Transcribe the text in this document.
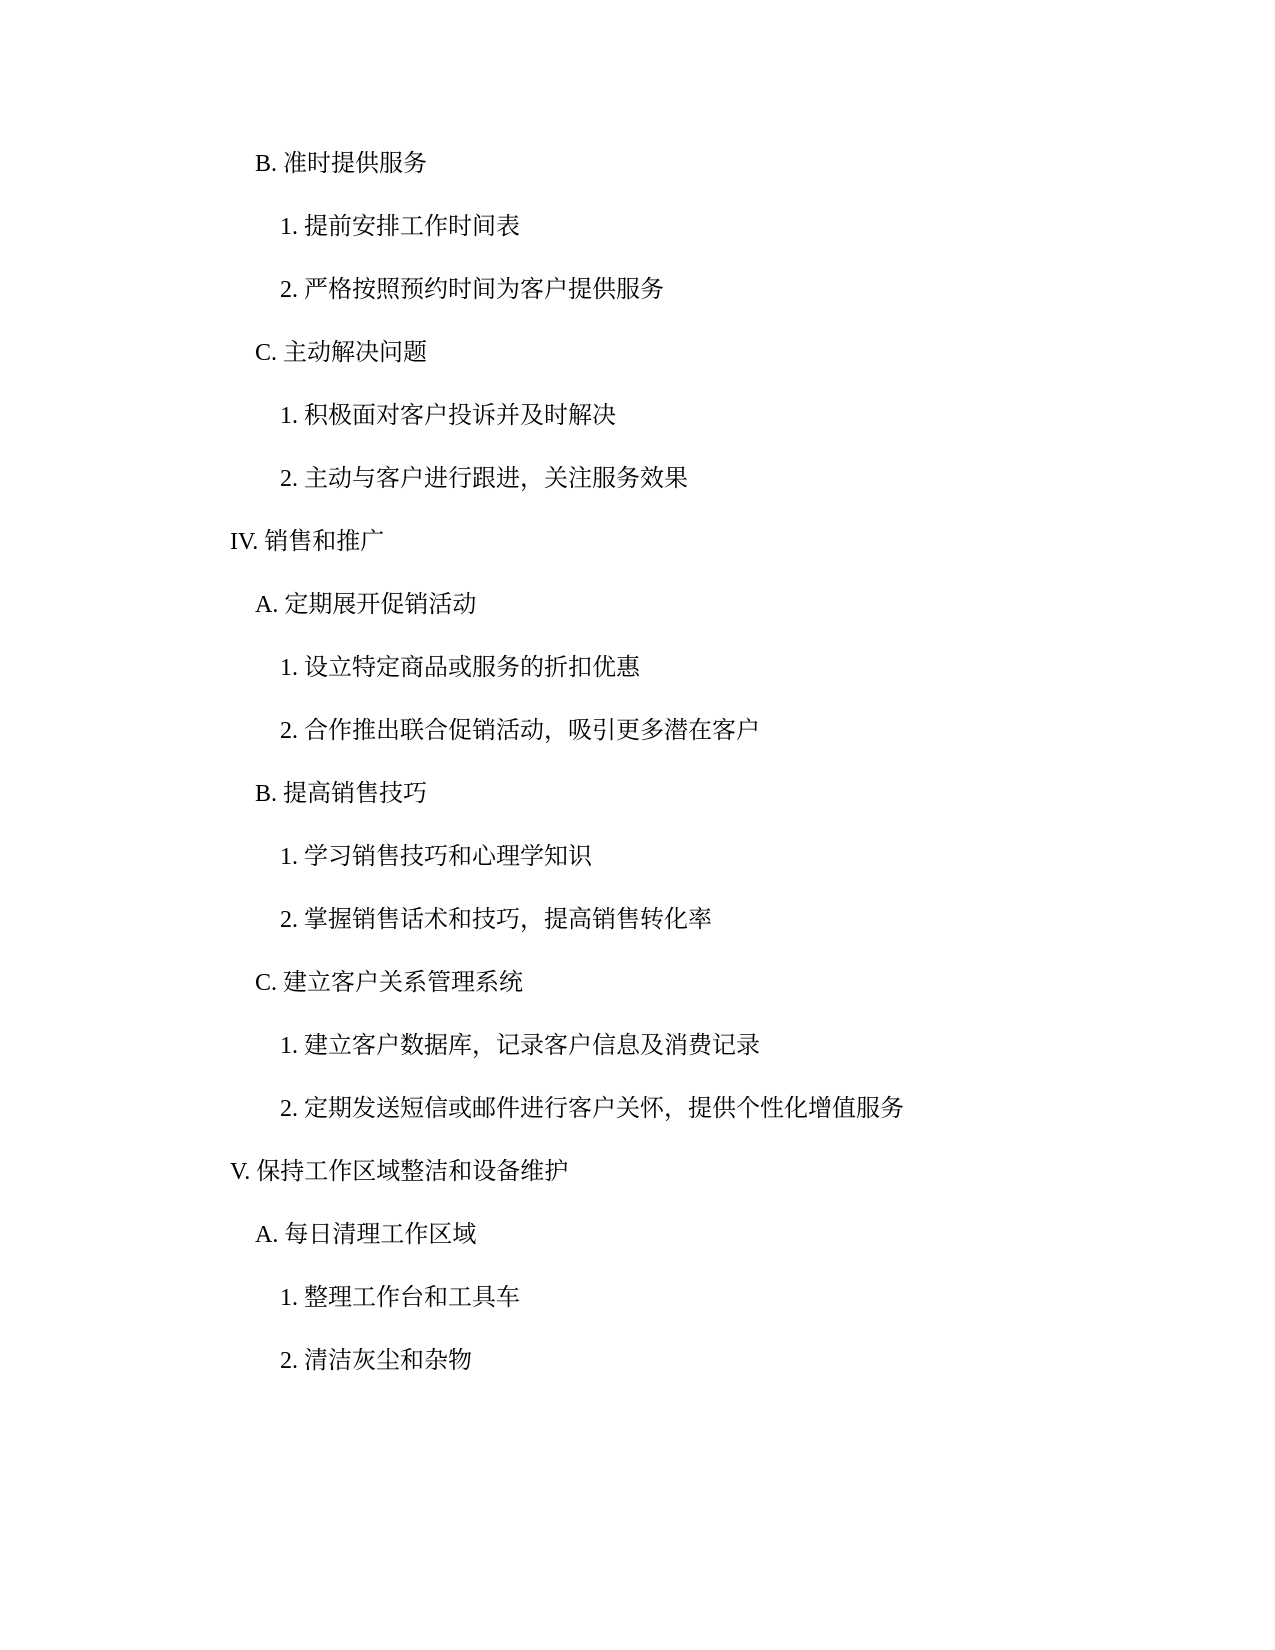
B. 准时提供服务
1. 提前安排工作时间表
2. 严格按照预约时间为客户提供服务
C. 主动解决问题
1. 积极面对客户投诉并及时解决
2. 主动与客户进行跟进，关注服务效果
IV. 销售和推广
A. 定期展开促销活动
1. 设立特定商品或服务的折扣优惠
2. 合作推出联合促销活动，吸引更多潜在客户
B. 提高销售技巧
1. 学习销售技巧和心理学知识
2. 掌握销售话术和技巧，提高销售转化率
C. 建立客户关系管理系统
1. 建立客户数据库，记录客户信息及消费记录
2. 定期发送短信或邮件进行客户关怀，提供个性化增值服务
V. 保持工作区域整洁和设备维护
A. 每日清理工作区域
1. 整理工作台和工具车
2. 清洁灰尘和杂物
